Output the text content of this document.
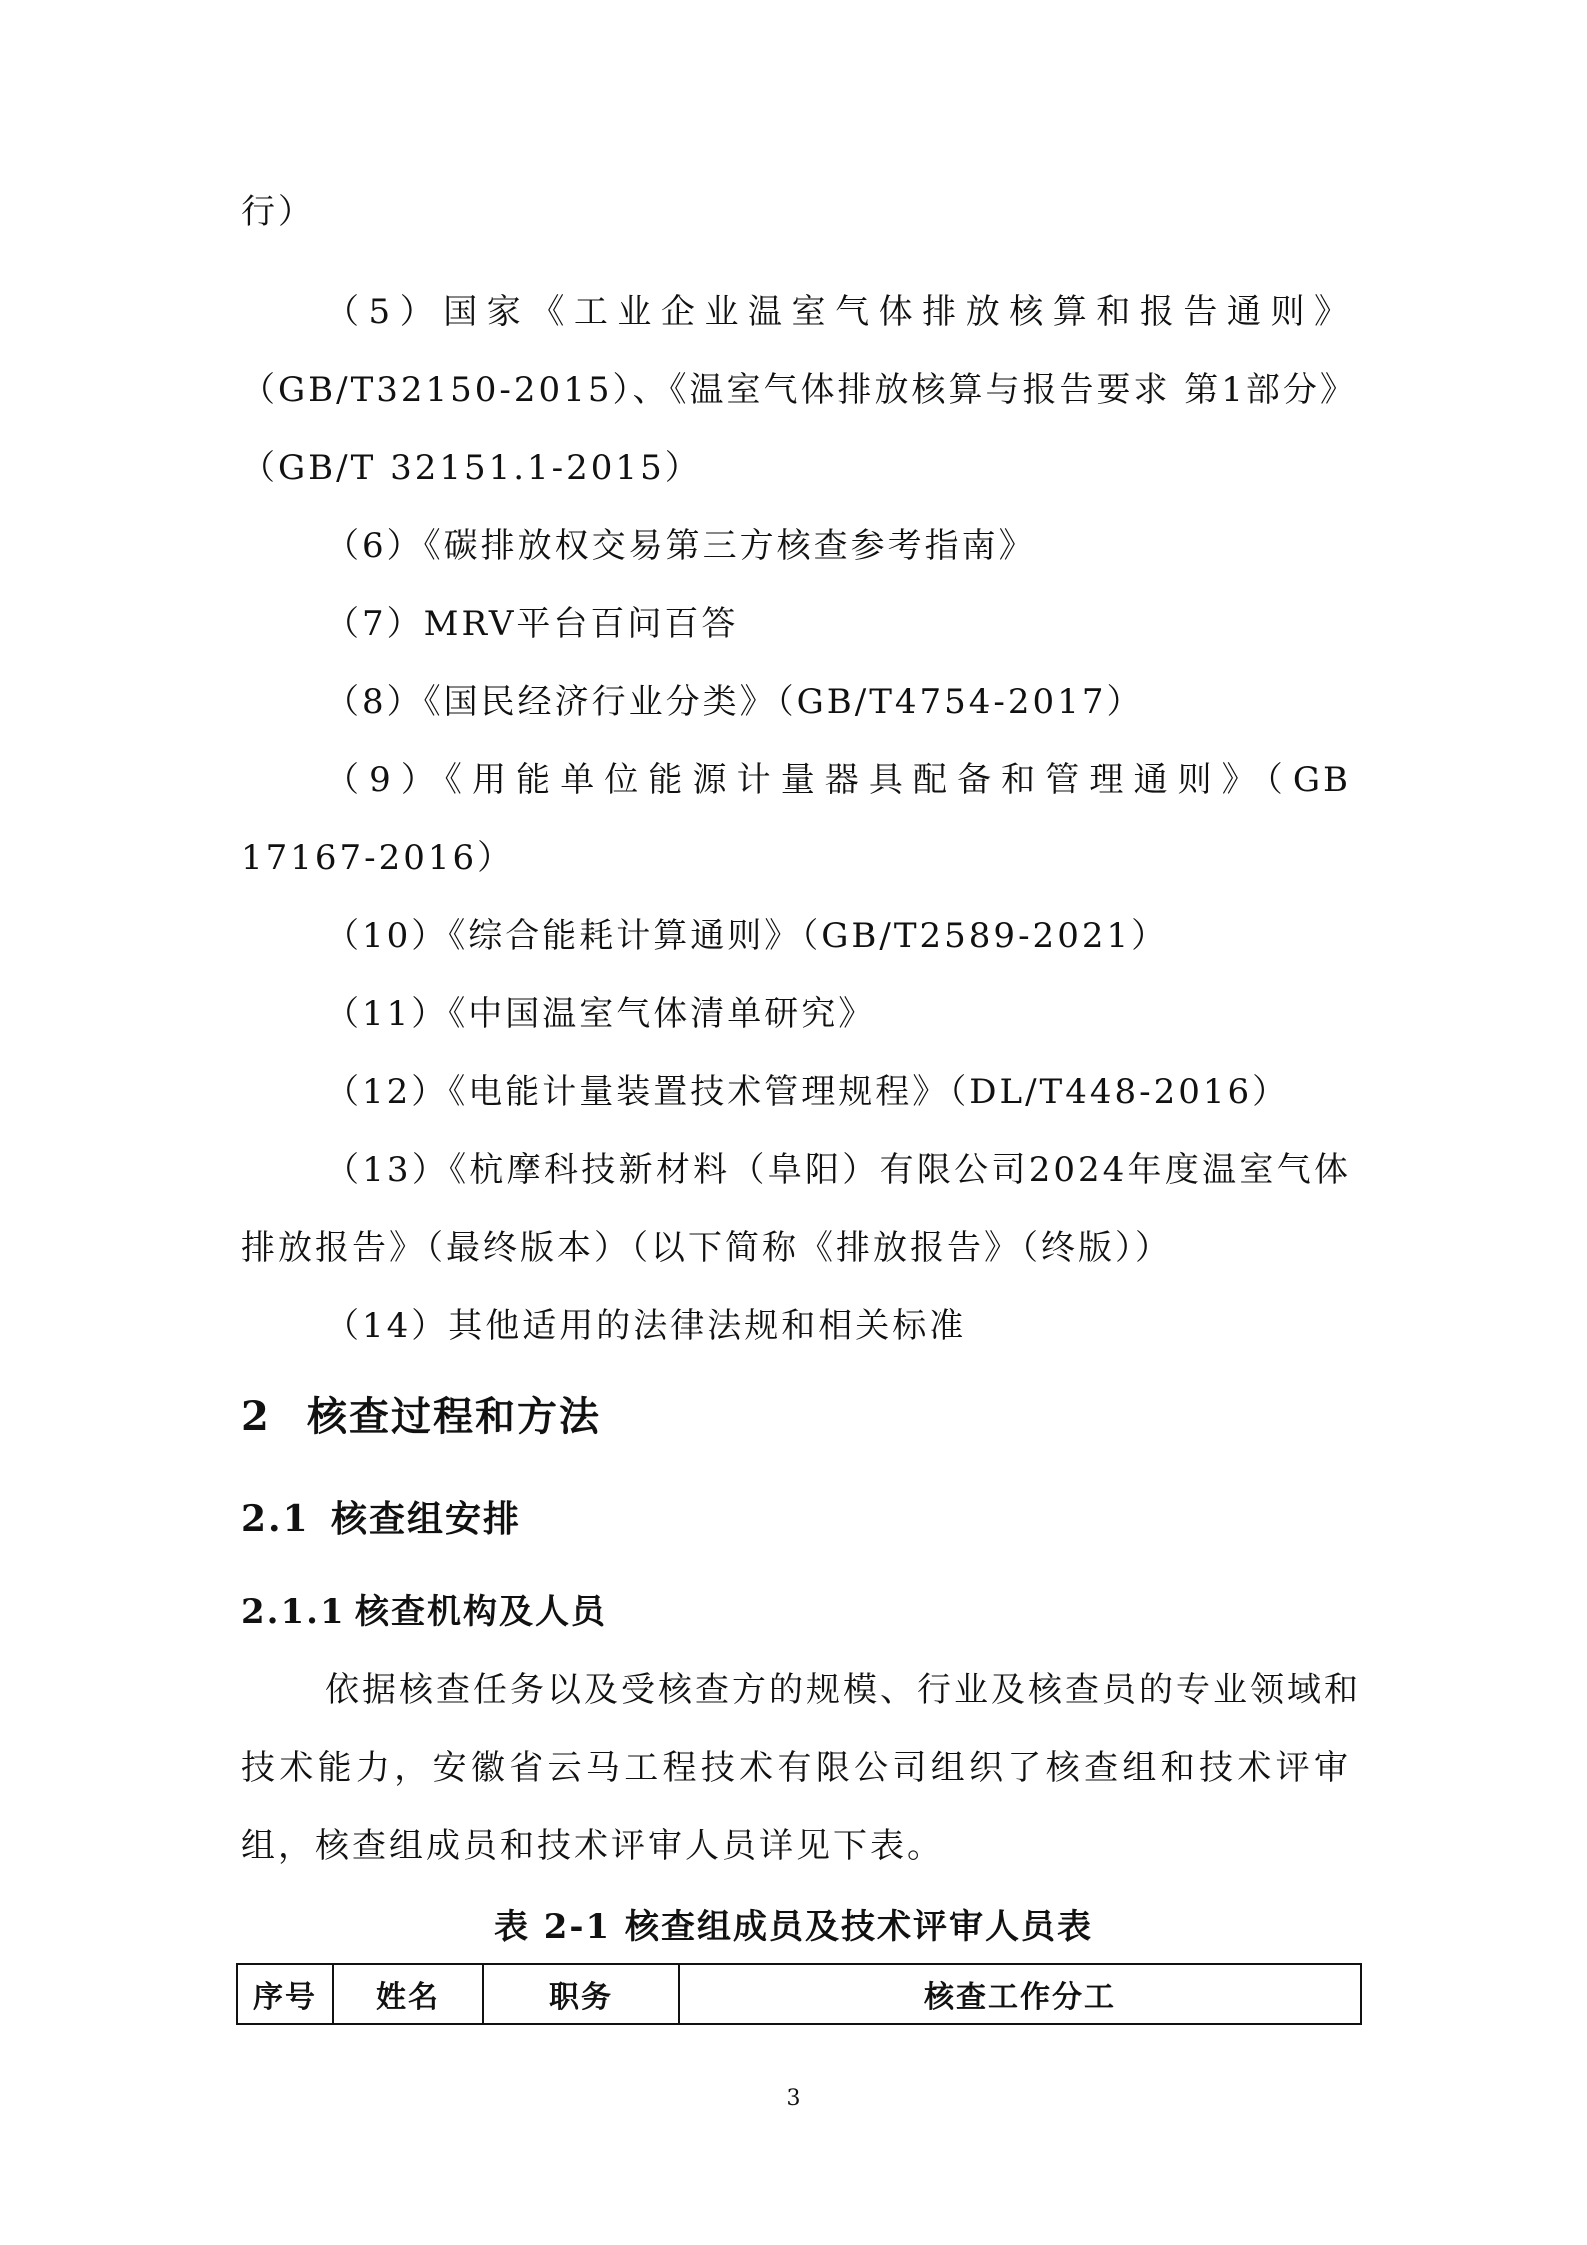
行）
（5）国家《工业企业温室气体排放核算和报告通则》
（GB/T32150-2015）、《温室气体排放核算与报告要求 第1部分》
（GB/T 32151.1-2015）
（6）《碳排放权交易第三方核查参考指南》
（7）MRV平台百问百答
（8）《国民经济行业分类》（GB/T4754-2017）
（9）《用能单位能源计量器具配备和管理通则》（GB
17167-2016）
（10）《综合能耗计算通则》（GB/T2589-2021）
（11）《中国温室气体清单研究》
（12）《电能计量装置技术管理规程》（DL/T448-2016）
（13）《杭摩科技新材料（阜阳）有限公司2024年度温室气体
排放报告》（最终版本）（以下简称《排放报告》（终版））
（14）其他适用的法律法规和相关标准
2 核查过程和方法
2.1 核查组安排
2.1.1 核查机构及人员
依据核查任务以及受核查方的规模、行业及核查员的专业领域和
技术能力，安徽省云马工程技术有限公司组织了核查组和技术评审
组，核查组成员和技术评审人员详见下表。
表 2-1 核查组成员及技术评审人员表
序号	姓名	职务	核查工作分工
3
